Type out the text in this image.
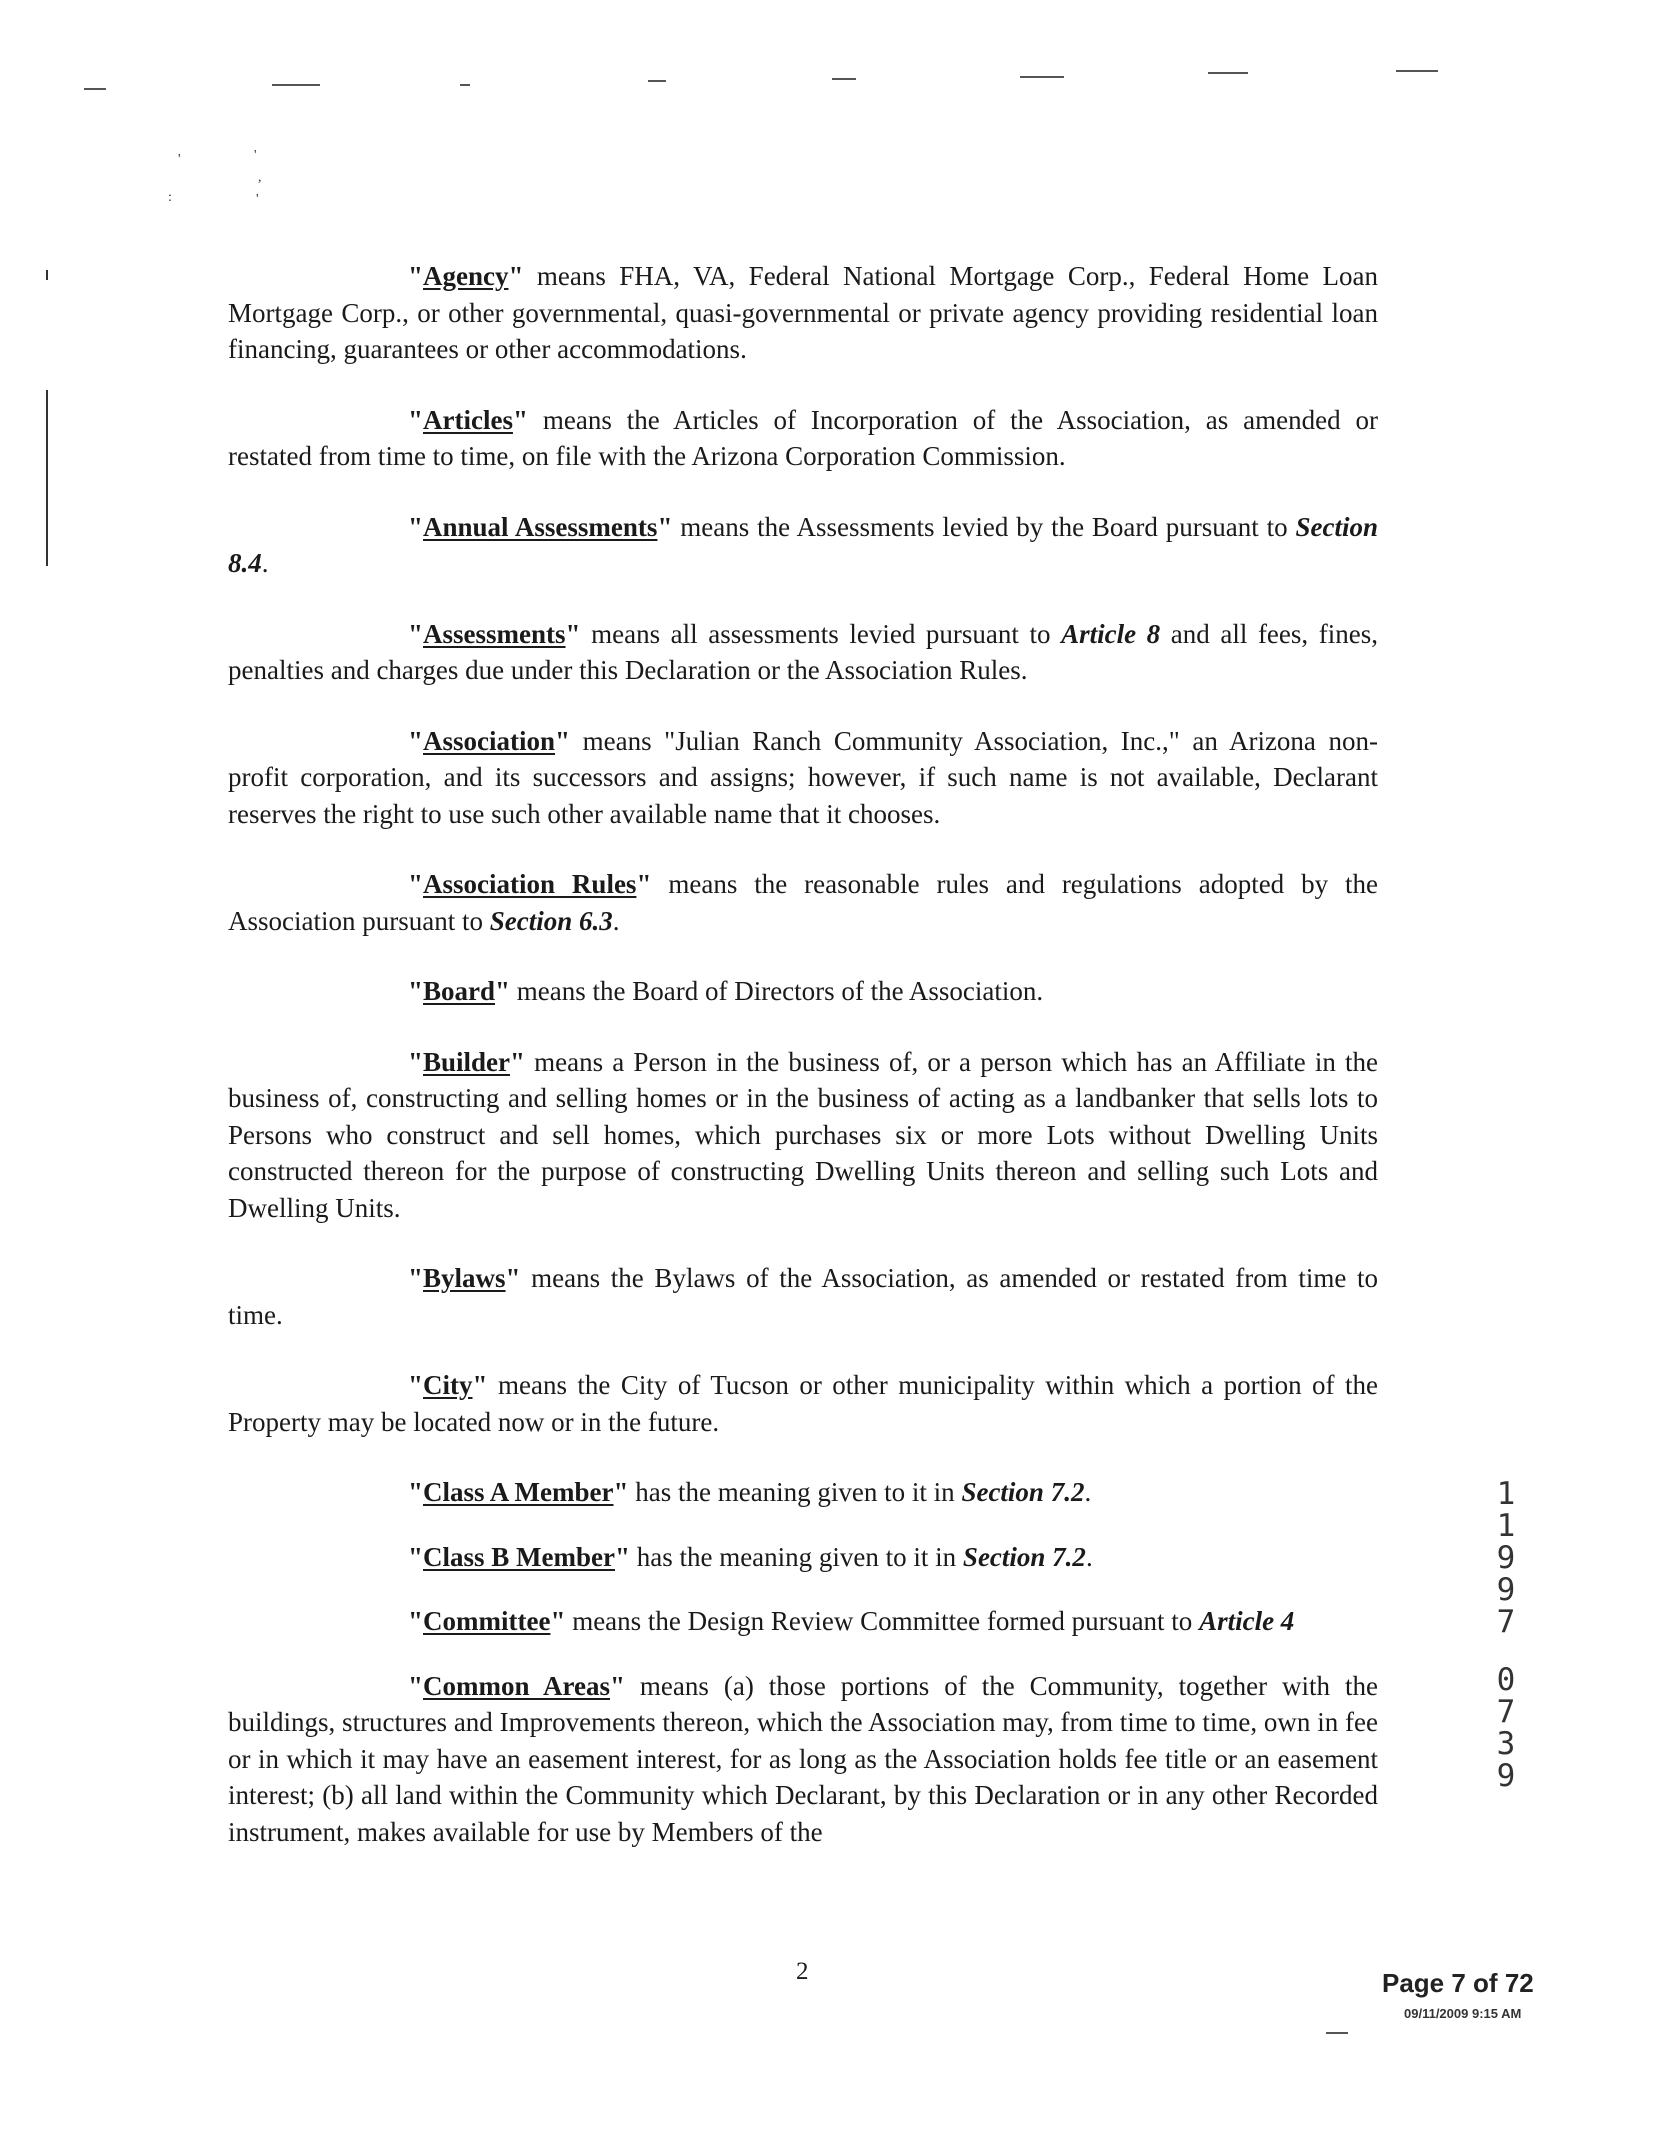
'	'
,
:	'

"Agency" means FHA, VA, Federal National Mortgage Corp., Federal Home Loan Mortgage Corp., or other governmental, quasi-governmental or private agency providing residential loan financing, guarantees or other accommodations.

"Articles" means the Articles of Incorporation of the Association, as amended or restated from time to time, on file with the Arizona Corporation Commission.

"Annual Assessments" means the Assessments levied by the Board pursuant to Section 8.4.

"Assessments" means all assessments levied pursuant to Article 8 and all fees, fines, penalties and charges due under this Declaration or the Association Rules.

"Association" means "Julian Ranch Community Association, Inc.," an Arizona non-profit corporation, and its successors and assigns; however, if such name is not available, Declarant reserves the right to use such other available name that it chooses.

"Association Rules" means the reasonable rules and regulations adopted by the Association pursuant to Section 6.3.

"Board" means the Board of Directors of the Association.

"Builder" means a Person in the business of, or a person which has an Affiliate in the business of, constructing and selling homes or in the business of acting as a landbanker that sells lots to Persons who construct and sell homes, which purchases six or more Lots without Dwelling Units constructed thereon for the purpose of constructing Dwelling Units thereon and selling such Lots and Dwelling Units.

"Bylaws" means the Bylaws of the Association, as amended or restated from time to time.

"City" means the City of Tucson or other municipality within which a portion of the Property may be located now or in the future.

"Class A Member" has the meaning given to it in Section 7.2.

"Class B Member" has the meaning given to it in Section 7.2.

"Committee" means the Design Review Committee formed pursuant to Article 4

"Common Areas" means (a) those portions of the Community, together with the buildings, structures and Improvements thereon, which the Association may, from time to time, own in fee or in which it may have an easement interest, for as long as the Association holds fee title or an easement interest; (b) all land within the Community which Declarant, by this Declaration or in any other Recorded instrument, makes available for use by Members of the

1
1
9
9
7
0
7
3
9
2	Page 7 of 72
09/11/2009 9:15 AM
